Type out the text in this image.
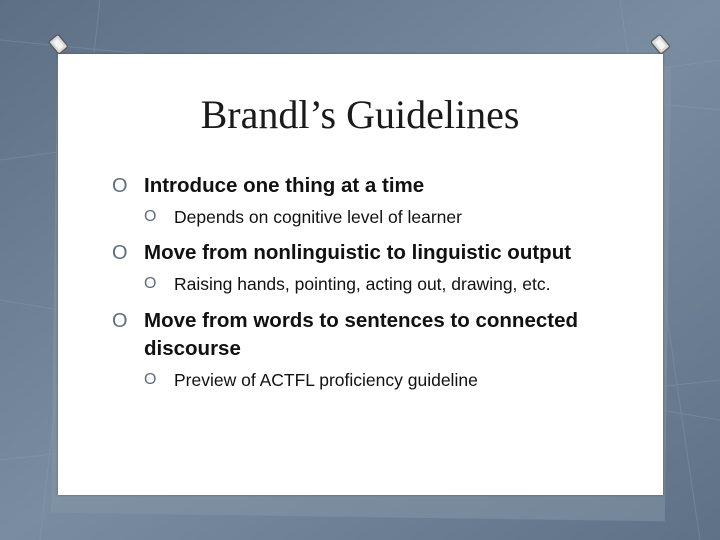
Brandl’s Guidelines
O Introduce one thing at a time
O Depends on cognitive level of learner
O Move from nonlinguistic to linguistic output
O Raising hands, pointing, acting out, drawing, etc.
O Move from words to sentences to connected discourse
O Preview of ACTFL proficiency guideline
